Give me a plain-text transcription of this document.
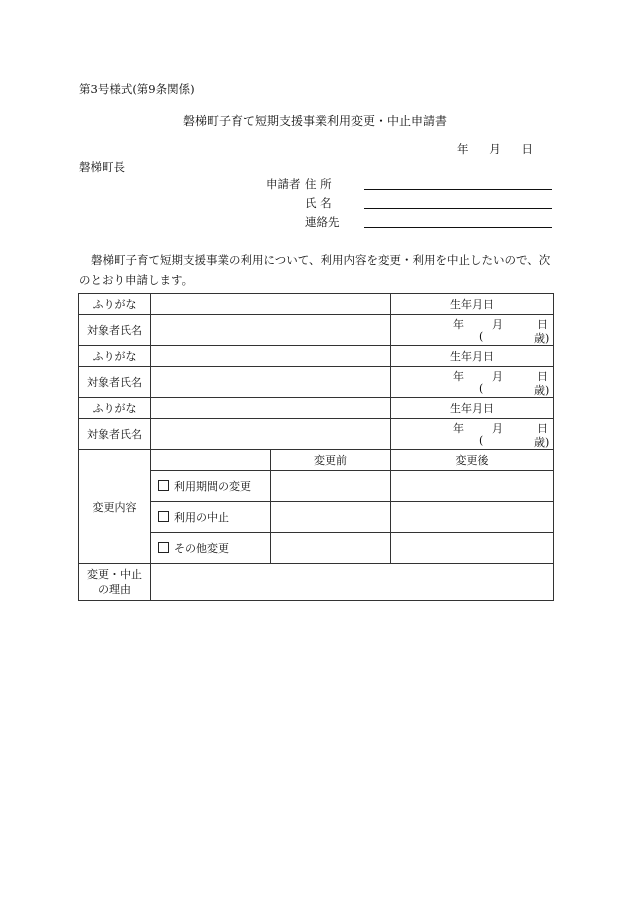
第3号様式(第9条関係)
磐梯町子育て短期支援事業利用変更・中止申請書
年 月 日
磐梯町長
申請者 住 所
氏 名
連絡先

磐梯町子育て短期支援事業の利用について、利用内容を変更・利用を中止したいので、次のとおり申請します。

ふりがな			生年月日
対象者氏名			年 月 日
( 歳)

ふりがな			生年月日
対象者氏名			年 月 日
( 歳)

ふりがな			生年月日
対象者氏名			年 月 日
( 歳)

変更内容		変更前	変更後
	利用期間の変更		
	利用の中止		
	その他変更		

変更・中止
の理由			
